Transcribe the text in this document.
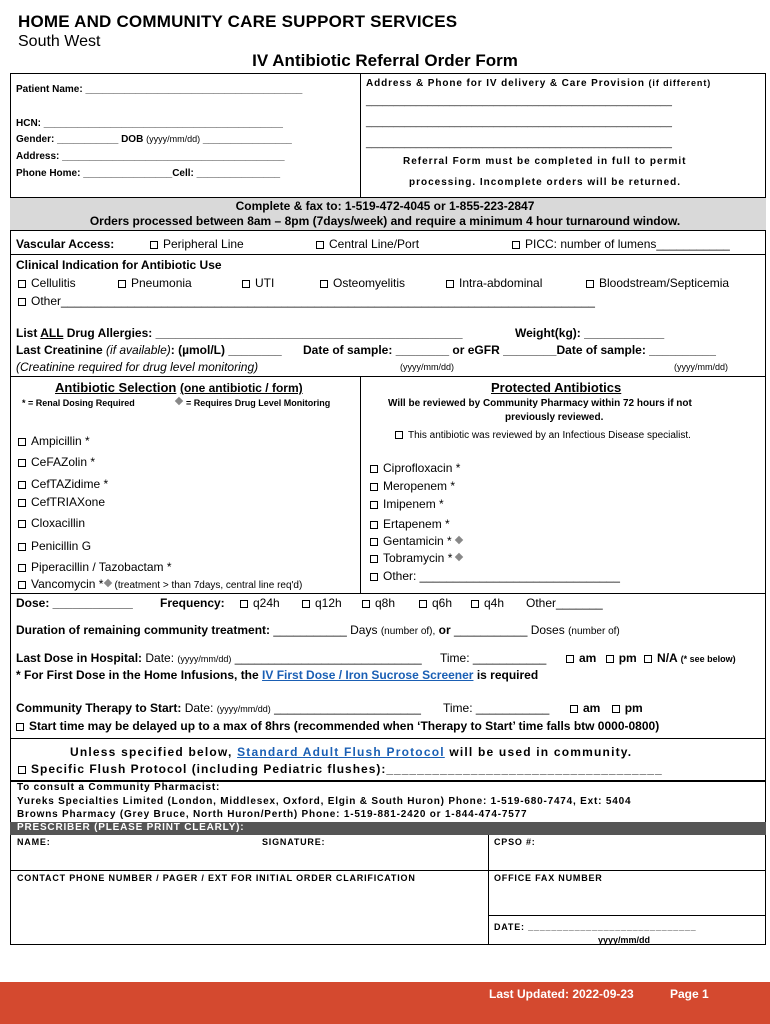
HOME AND COMMUNITY CARE SUPPORT SERVICES
South West
IV Antibiotic Referral Order Form
Patient Name: _______________________________________
HCN: ___________________________________________
Gender: ___________ DOB (yyyy/mm/dd) ________________
Address: ________________________________________
Phone Home: ________________Cell: _______________
Address & Phone for IV delivery & Care Provision (if different)
_______________________________________________________
_______________________________________________________
_______________________________________________________
Referral Form must be completed in full to permit
processing. Incomplete orders will be returned.
Complete & fax to: 1-519-472-4045 or 1-855-223-2847
Orders processed between 8am – 8pm (7days/week) and require a minimum 4 hour turnaround window.
Vascular Access:	Peripheral Line	Central Line/Port	PICC: number of lumens___________
Clinical Indication for Antibiotic Use
Cellulitis	Pneumonia	UTI	Osteomyelitis	Intra-abdominal	Bloodstream/Septicemia
Other________________________________________________________________________________
List ALL Drug Allergies: ______________________________________________	Weight(kg): ____________
Last Creatinine (if available): (µmol/L) ________ Date of sample: ________ or eGFR ________Date of sample: __________
(Creatinine required for drug level monitoring)	(yyyy/mm/dd)	(yyyy/mm/dd)
Antibiotic Selection (one antibiotic / form)
* = Renal Dosing Required	= Requires Drug Level Monitoring
Ampicillin *
CeFAZolin *
CefTAZidime *
CefTRIAXone
Cloxacillin
Penicillin G
Piperacillin / Tazobactam *
Vancomycin * (treatment > than 7days, central line req'd)
Protected Antibiotics
Will be reviewed by Community Pharmacy within 72 hours if not
previously reviewed.
This antibiotic was reviewed by an Infectious Disease specialist.
Ciprofloxacin *
Meropenem *
Imipenem *
Ertapenem *
Gentamicin *
Tobramycin *
Other: ______________________________
Dose: ____________ Frequency:	q24h	q12h	q8h	q6h	q4h Other_______
Duration of remaining community treatment: ___________ Days (number of), or ___________ Doses (number of)
Last Dose in Hospital: Date: (yyyy/mm/dd) ____________________________ Time: ___________	am pm N/A (* see below)
* For First Dose in the Home Infusions, the IV First Dose / Iron Sucrose Screener is required
Community Therapy to Start: Date: (yyyy/mm/dd) ______________________ Time: ___________	am pm
Start time may be delayed up to a max of 8hrs (recommended when ‘Therapy to Start’ time falls btw 0000-0800)
Unless specified below, Standard Adult Flush Protocol will be used in community.
Specific Flush Protocol (including Pediatric flushes):____________________________________
To consult a Community Pharmacist:
Yureks Specialties Limited (London, Middlesex, Oxford, Elgin & South Huron) Phone: 1-519-680-7474, Ext: 5404
Browns Pharmacy (Grey Bruce, North Huron/Perth) Phone: 1-519-881-2420 or 1-844-474-7577
PRESCRIBER (PLEASE PRINT CLEARLY):
NAME:	SIGNATURE:	CPSO #:
CONTACT PHONE NUMBER / PAGER / EXT FOR INITIAL ORDER CLARIFICATION	OFFICE FAX NUMBER
DATE: _____________________________
yyyy/mm/dd
Last Updated: 2022-09-23	Page 1
